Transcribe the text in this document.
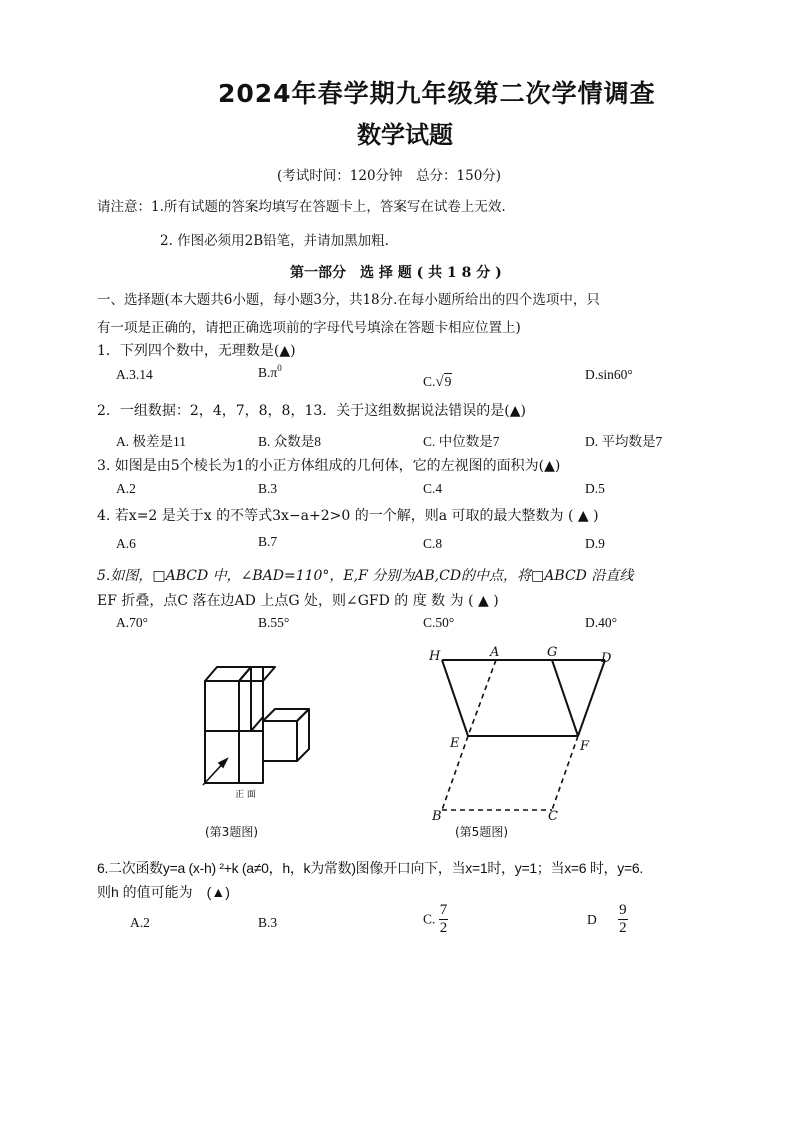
2024年春学期九年级第二次学情调查
数学试题
(考试时间：120分钟　总分：150分)
请注意：1.所有试题的答案均填写在答题卡上，答案写在试卷上无效.
2. 作图必须用2B铅笔，并请加黑加粗.
第一部分　选 择 题 ( 共 1 8 分 )
一、选择题(本大题共6小题，每小题3分，共18分.在每小题所给出的四个选项中，只
有一项是正确的，请把正确选项前的字母代号填涂在答题卡相应位置上)
1．下列四个数中，无理数是(▲)
A.3.14	$B.\pi^0$
C.√9	D.sin60°
2．一组数据：2，4，7，8，8，13．关于这组数据说法错误的是(▲)
A. 极差是11	B. 众数是8	C. 中位数是7	D. 平均数是7
3. 如图是由5个棱长为1的小正方体组成的几何体，它的左视图的面积为(▲)
A.2	B.3	C.4	D.5
4. 若x=2 是关于x 的不等式3x−a+2>0 的一个解，则a 可取的最大整数为 ( ▲ )
A.6	B.7	C.8	D.9
5.如图，□ABCD 中，∠BAD=110°，E,F 分别为AB,CD的中点，将□ABCD 沿直线
EF 折叠，点C 落在边AD 上点G 处，则∠GFD 的 度 数 为 ( ▲ )
A.70°	B.55°	C.50°	D.40°
正 面
(第3题图)
H	A	G	D
E	F
B	C
(第5题图)
6.二次函数y=a (x-h) ²+k (a≠0，h，k为常数)图像开口向下，当x=1时，y=1；当x=6 时，y=6.
则h 的值可能为　(▲)
A.2	B.3	C. $\frac{7}{2}$	D $\frac{9}{2}$
